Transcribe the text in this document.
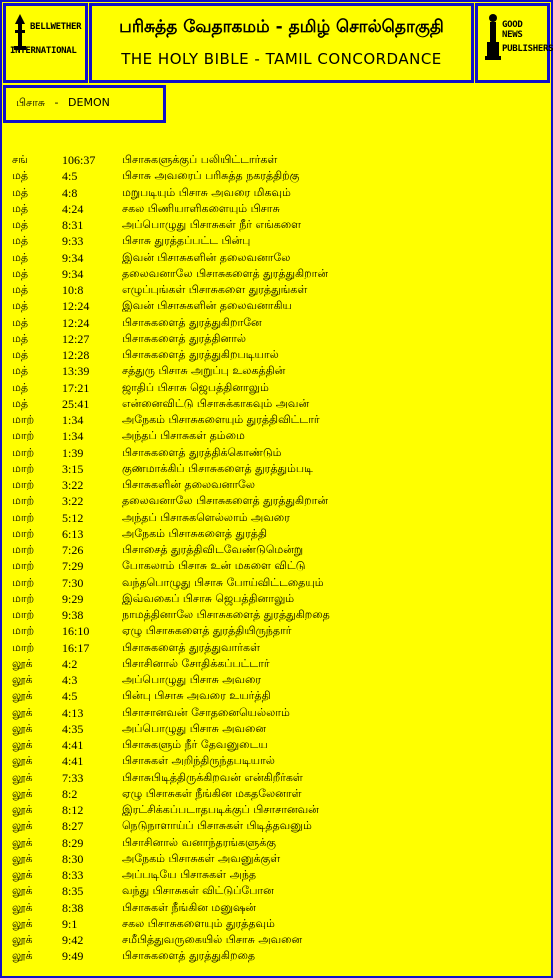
BELLWETHER
INTERNATIONAL
பரிசுத்த வேதாகமம் - தமிழ் சொல்தொகுதி
THE HOLY BIBLE - TAMIL CONCORDANCE
GOOD NEWS
PUBLISHERS
பிசாசு - DEMON
சங்	106:37 பிசாசுகளுக்குப் பலியிட்டார்கள்
மத்	4:5	பிசாசு அவரைப் பரிசுத்த நகரத்திற்கு
மத்	4:8	மறுபடியும் பிசாசு அவரை மிகவும்
மத்	4:24	சகல பிணியாளிகளையும் பிசாசு
மத்	8:31	அப்பொழுது பிசாசுகள் நீர் எங்களை
மத்	9:33	பிசாசு துரத்தப்பட்ட பின்பு
மத்	9:34	இவன் பிசாசுகளின் தலைவனாலே
மத்	9:34	தலைவனாலே பிசாசுகளைத் துரத்துகிறான்
மத்	10:8	எழுப்புங்கள் பிசாசுகளை துரத்துங்கள்
மத்	12:24	இவன் பிசாசுகளின் தலைவனாகிய
மத்	12:24	பிசாசுகளைத் துரத்துகிறானே
மத்	12:27	பிசாசுகளைத் துரத்தினால்
மத்	12:28	பிசாசுகளைத் துரத்துகிறபடியால்
மத்	13:39	சத்துரு பிசாசு அறுப்பு உலகத்தின்
மத்	17:21	ஜாதிப் பிசாசு ஜெபத்தினாலும்
மத்	25:41	என்னைவிட்டு பிசாசுக்காகவும் அவன்
மாற் 1:34	அநேகம் பிசாசுகளையும் துரத்திவிட்டார்
மாற் 1:34	அந்தப் பிசாசுகள் தம்மை
மாற் 1:39	பிசாசுகளைத் துரத்திக்கொண்டும்
மாற் 3:15	குணமாக்கிப் பிசாசுகளைத் துரத்தும்படி
மாற் 3:22	பிசாசுகளின் தலைவனாலே
மாற் 3:22	தலைவனாலே பிசாசுகளைத் துரத்துகிறான்
மாற் 5:12	அந்தப் பிசாசுகளெல்லாம் அவரை
மாற் 6:13	அநேகம் பிசாசுகளைத் துரத்தி
மாற் 7:26	பிசாசைத் துரத்திவிடவேண்டுமென்று
மாற் 7:29	போகலாம் பிசாசு உன் மகளை விட்டு
மாற் 7:30	வந்தபொழுது பிசாசு போய்விட்டதையும்
மாற் 9:29	இவ்வகைப் பிசாசு ஜெபத்தினாலும்
மாற் 9:38	நாமத்தினாலே பிசாசுகளைத் துரத்துகிறதை
மாற் 16:10	ஏழு பிசாசுகளைத் துரத்தியிருந்தார்
மாற் 16:17	பிசாசுகளைத் துரத்துவார்கள்
லூக் 4:2	பிசாசினால் சோதிக்கப்பட்டார்
லூக் 4:3	அப்பொழுது பிசாசு அவரை
லூக் 4:5	பின்பு பிசாசு அவரை உயர்த்தி
லூக் 4:13	பிசாசானவன் சோதனையெல்லாம்
லூக் 4:35	அப்பொழுது பிசாசு அவனை
லூக் 4:41	பிசாசுகளும் நீர் தேவனுடைய
லூக் 4:41	பிசாசுகள் அறிந்திருந்தபடியால்
லூக் 7:33	பிசாசுபிடித்திருக்கிறவன் என்கிறீர்கள்
லூக் 8:2	ஏழு பிசாசுகள் நீங்கின மகதலேனாள்
லூக் 8:12	இரட்சிக்கப்படாதபடிக்குப் பிசாசானவன்
லூக் 8:27	நெடுநாளாய்ப் பிசாசுகள் பிடித்தவனும்
லூக் 8:29	பிசாசினால் வனாந்தரங்களுக்கு
லூக் 8:30	அநேகம் பிசாசுகள் அவனுக்குள்
லூக் 8:33	அப்படியே பிசாசுகள் அந்த
லூக் 8:35	வந்து பிசாசுகள் விட்டுப்போன
லூக் 8:38	பிசாசுகள் நீங்கின மனுஷன்
லூக் 9:1	சகல பிசாசுகளையும் துரத்தவும்
லூக் 9:42	சமீபித்துவருகையில் பிசாசு அவனை
லூக் 9:49	பிசாசுகளைத் துரத்துகிறதை
